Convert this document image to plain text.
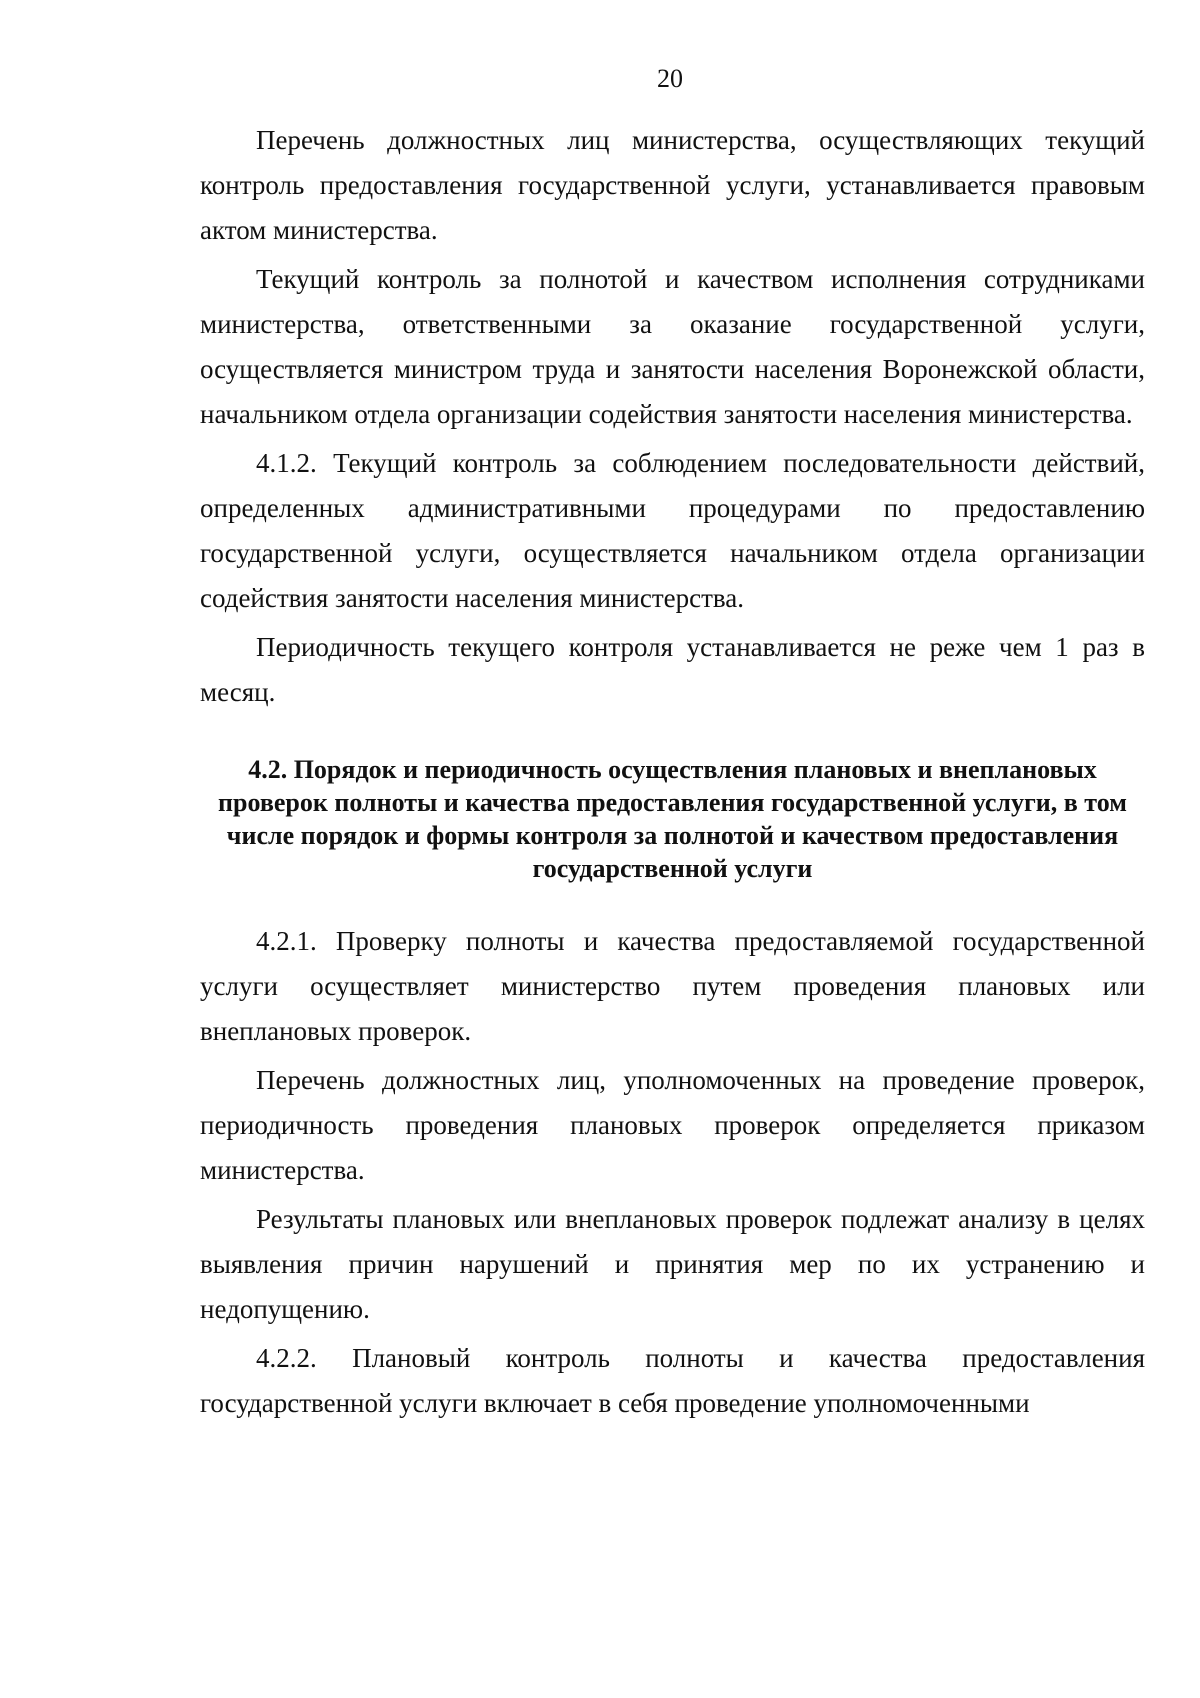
20

Перечень должностных лиц министерства, осуществляющих текущий контроль предоставления государственной услуги, устанавливается правовым актом министерства.

Текущий контроль за полнотой и качеством исполнения сотрудниками министерства, ответственными за оказание государственной услуги, осуществляется министром труда и занятости населения Воронежской области, начальником отдела организации содействия занятости населения министерства.

4.1.2. Текущий контроль за соблюдением последовательности действий, определенных административными процедурами по предоставлению государственной услуги, осуществляется начальником отдела организации содействия занятости населения министерства.

Периодичность текущего контроля устанавливается не реже чем 1 раз в месяц.

4.2. Порядок и периодичность осуществления плановых и внеплановых проверок полноты и качества предоставления государственной услуги, в том числе порядок и формы контроля за полнотой и качеством предоставления государственной услуги

4.2.1. Проверку полноты и качества предоставляемой государственной услуги осуществляет министерство путем проведения плановых или внеплановых проверок.

Перечень должностных лиц, уполномоченных на проведение проверок, периодичность проведения плановых проверок определяется приказом министерства.

Результаты плановых или внеплановых проверок подлежат анализу в целях выявления причин нарушений и принятия мер по их устранению и недопущению.

4.2.2. Плановый контроль полноты и качества предоставления государственной услуги включает в себя проведение уполномоченными
